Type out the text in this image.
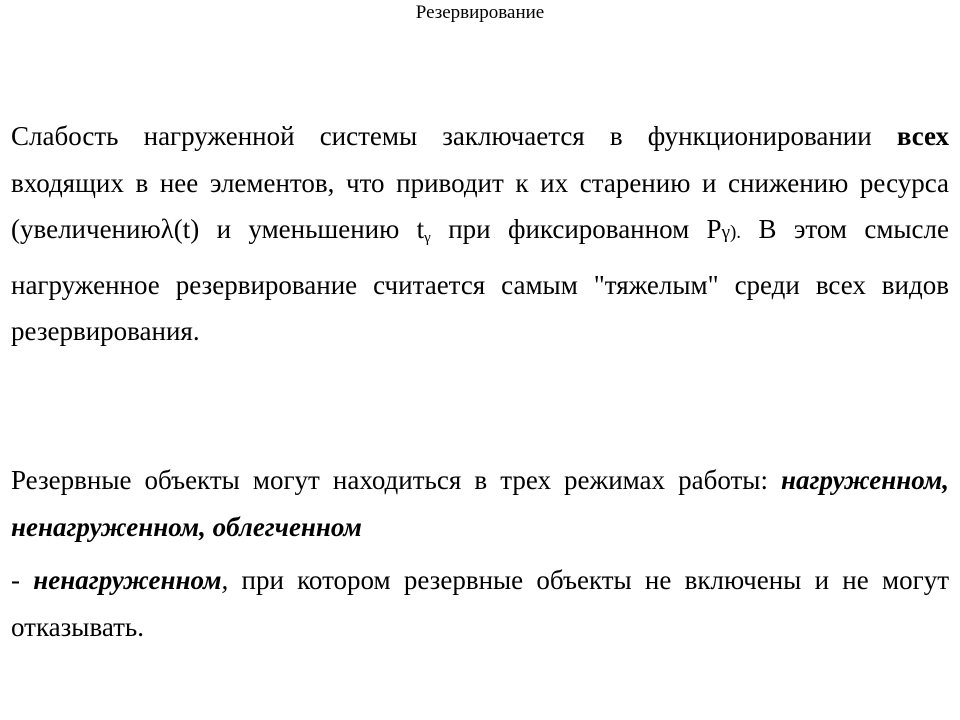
Резервирование

Слабость нагруженной системы заключается в функционировании всех входящих в нее элементов, что приводит к их старению и снижению ресурса (увеличениюλ(t) и уменьшению $t_\gamma$ при фиксированном Рγ). В этом смысле нагруженное резервирование считается самым "тяжелым" среди всех видов резервирования.

Резервные объекты могут находиться в трех режимах работы: нагруженном, ненагруженном, облегченном

- ненагруженном, при котором резервные объекты не включены и не могут отказывать.
